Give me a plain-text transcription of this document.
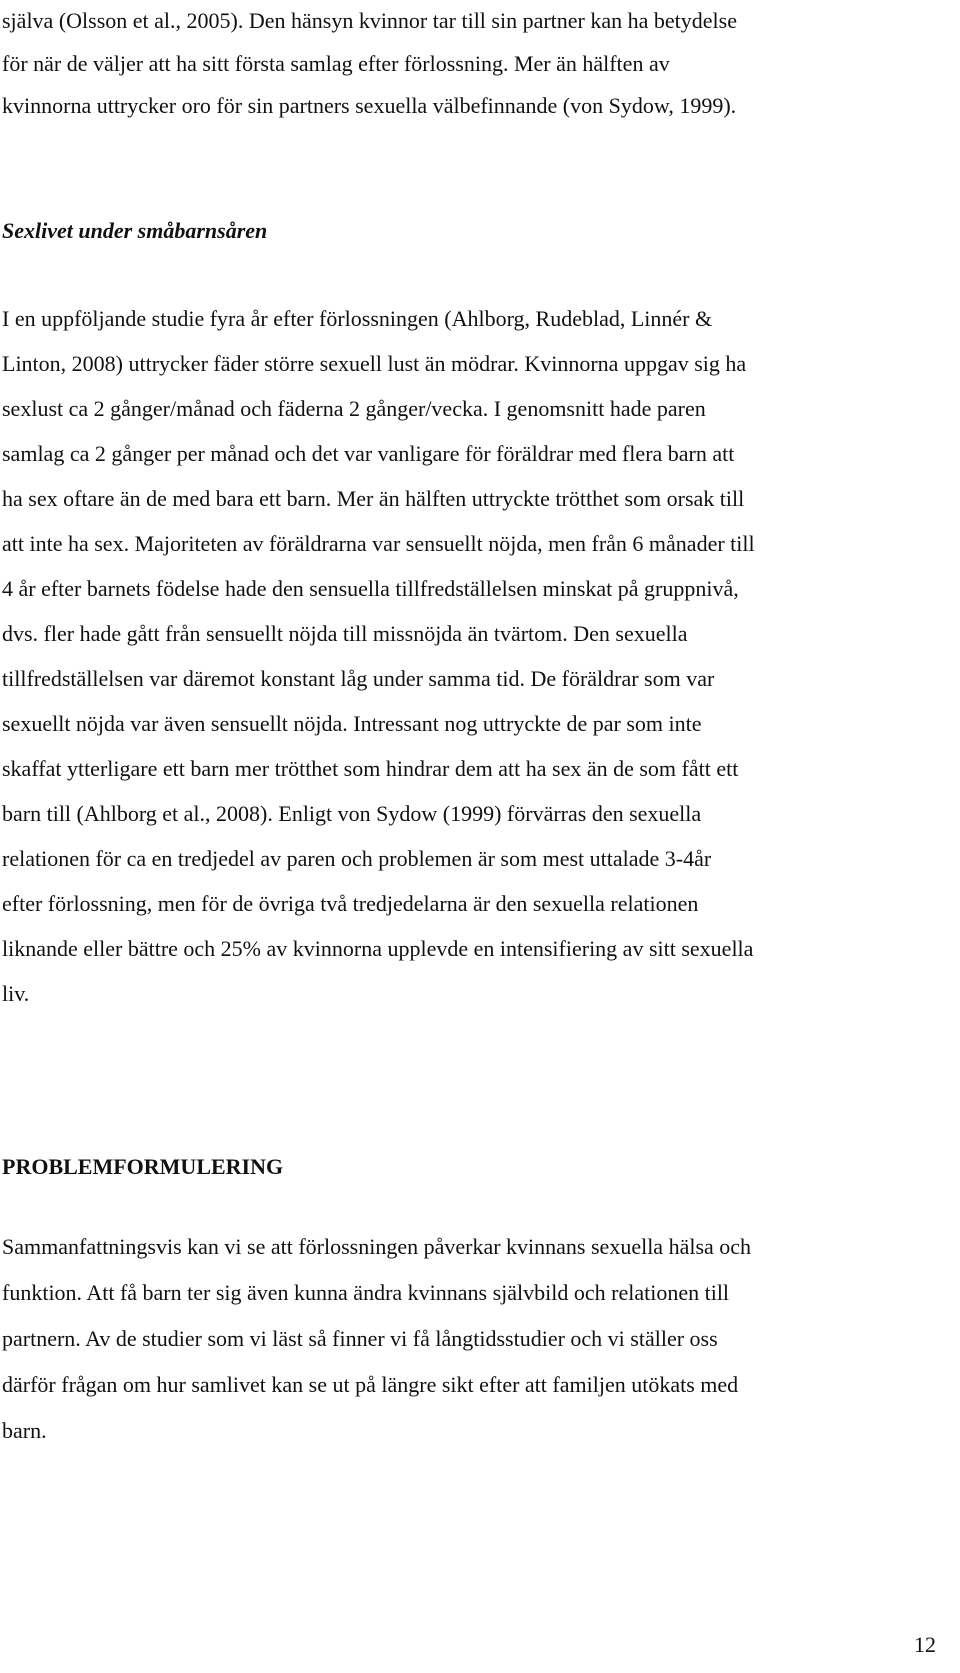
själva (Olsson et al., 2005). Den hänsyn kvinnor tar till sin partner kan ha betydelse
för när de väljer att ha sitt första samlag efter förlossning. Mer än hälften av
kvinnorna uttrycker oro för sin partners sexuella välbefinnande (von Sydow, 1999).

Sexlivet under småbarnsåren

I en uppföljande studie fyra år efter förlossningen (Ahlborg, Rudeblad, Linnér &
Linton, 2008) uttrycker fäder större sexuell lust än mödrar. Kvinnorna uppgav sig ha
sexlust ca 2 gånger/månad och fäderna 2 gånger/vecka. I genomsnitt hade paren
samlag ca 2 gånger per månad och det var vanligare för föräldrar med flera barn att
ha sex oftare än de med bara ett barn. Mer än hälften uttryckte trötthet som orsak till
att inte ha sex. Majoriteten av föräldrarna var sensuellt nöjda, men från 6 månader till
4 år efter barnets födelse hade den sensuella tillfredställelsen minskat på gruppnivå,
dvs. fler hade gått från sensuellt nöjda till missnöjda än tvärtom. Den sexuella
tillfredställelsen var däremot konstant låg under samma tid. De föräldrar som var
sexuellt nöjda var även sensuellt nöjda. Intressant nog uttryckte de par som inte
skaffat ytterligare ett barn mer trötthet som hindrar dem att ha sex än de som fått ett
barn till (Ahlborg et al., 2008). Enligt von Sydow (1999) förvärras den sexuella
relationen för ca en tredjedel av paren och problemen är som mest uttalade 3-4år
efter förlossning, men för de övriga två tredjedelarna är den sexuella relationen
liknande eller bättre och 25% av kvinnorna upplevde en intensifiering av sitt sexuella
liv.

PROBLEMFORMULERING

Sammanfattningsvis kan vi se att förlossningen påverkar kvinnans sexuella hälsa och
funktion. Att få barn ter sig även kunna ändra kvinnans självbild och relationen till
partnern. Av de studier som vi läst så finner vi få långtidsstudier och vi ställer oss
därför frågan om hur samlivet kan se ut på längre sikt efter att familjen utökats med
barn.

12
